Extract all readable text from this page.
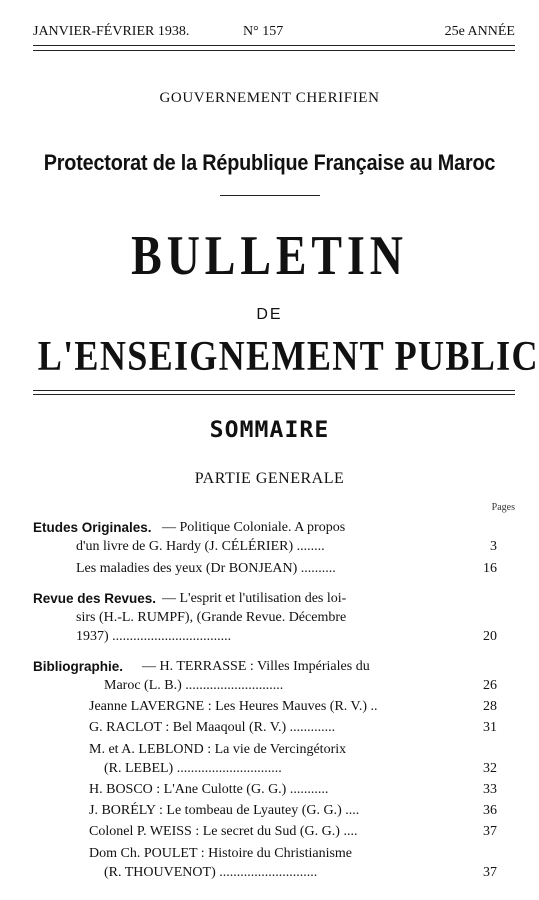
JANVIER-FÉVRIER 1938.	N° 157	25e ANNÉE
GOUVERNEMENT CHERIFIEN
Protectorat de la République Française au Maroc
BULLETIN
DE
L'ENSEIGNEMENT PUBLIC
SOMMAIRE
PARTIE GENERALE
Pages
Etudes Originales. — Politique Coloniale. A propos
d'un livre de G. Hardy (J. CÉLÉRIER) ........	3
Les maladies des yeux (Dr BONJEAN) ..........	16
Revue des Revues. — L'esprit et l'utilisation des loi-
sirs (H.-L. RUMPF), (Grande Revue. Décembre
1937) ..................................	20
Bibliographie. — H. TERRASSE : Villes Impériales du
Maroc (L. B.) ............................	26
Jeanne LAVERGNE : Les Heures Mauves (R. V.) ..	28
G. RACLOT : Bel Maaqoul (R. V.) .............	31
M. et A. LEBLOND : La vie de Vercingétorix
(R. LEBEL) ..............................	32
H. BOSCO : L'Ane Culotte (G. G.) ...........	33
J. BORÉLY : Le tombeau de Lyautey (G. G.) ....	36
Colonel P. WEISS : Le secret du Sud (G. G.) ....	37
Dom Ch. POULET : Histoire du Christianisme
(R. THOUVENOT) ............................	37
